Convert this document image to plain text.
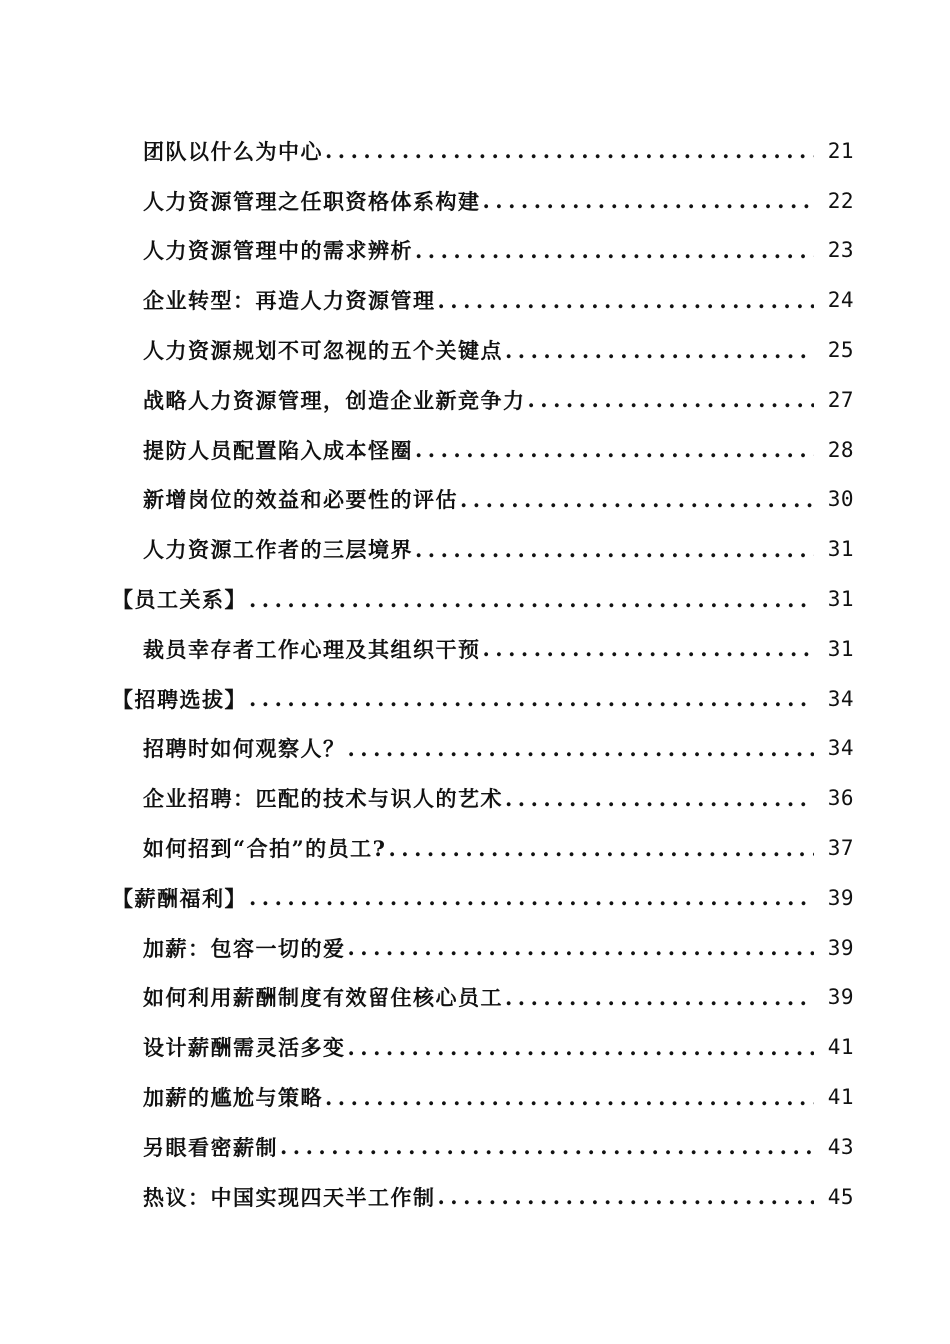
团队以什么为中心 .....	21
人力资源管理之任职资格体系构建 .....	22
人力资源管理中的需求辨析 .....	23
企业转型：再造人力资源管理 .....	24
人力资源规划不可忽视的五个关键点 .....	25
战略人力资源管理，创造企业新竞争力 .....	27
提防人员配置陷入成本怪圈 .....	28
新增岗位的效益和必要性的评估 .....	30
人力资源工作者的三层境界 .....	31
【员工关系】 .....	31
裁员幸存者工作心理及其组织干预 .....	31
【招聘选拔】 .....	34
招聘时如何观察人？ .....	34
企业招聘：匹配的技术与识人的艺术 .....	36
如何招到“合拍”的员工? .....	37
【薪酬福利】 .....	39
加薪：包容一切的爱 .....	39
如何利用薪酬制度有效留住核心员工 .....	39
设计薪酬需灵活多变 .....	41
加薪的尴尬与策略 .....	41
另眼看密薪制 .....	43
热议：中国实现四天半工作制 .....	45
